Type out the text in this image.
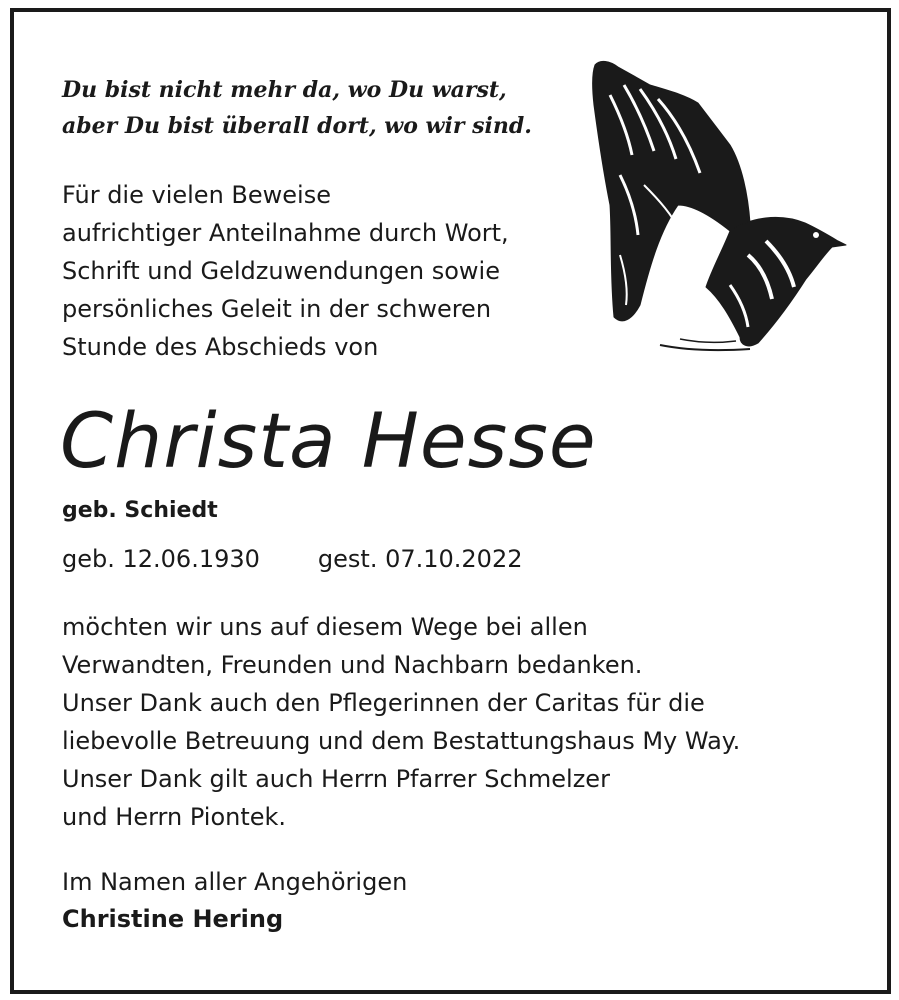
Du bist nicht mehr da, wo Du warst,
aber Du bist überall dort, wo wir sind.

Für die vielen Beweise
aufrichtiger Anteilnahme durch Wort,
Schrift und Geldzuwendungen sowie
persönliches Geleit in der schweren
Stunde des Abschieds von

Christa Hesse

geb. Schiedt

geb. 12.06.1930 gest. 07.10.2022

möchten wir uns auf diesem Wege bei allen
Verwandten, Freunden und Nachbarn bedanken.
Unser Dank auch den Pflegerinnen der Caritas für die
liebevolle Betreuung und dem Bestattungshaus My Way.
Unser Dank gilt auch Herrn Pfarrer Schmelzer
und Herrn Piontek.

Im Namen aller Angehörigen

Christine Hering
